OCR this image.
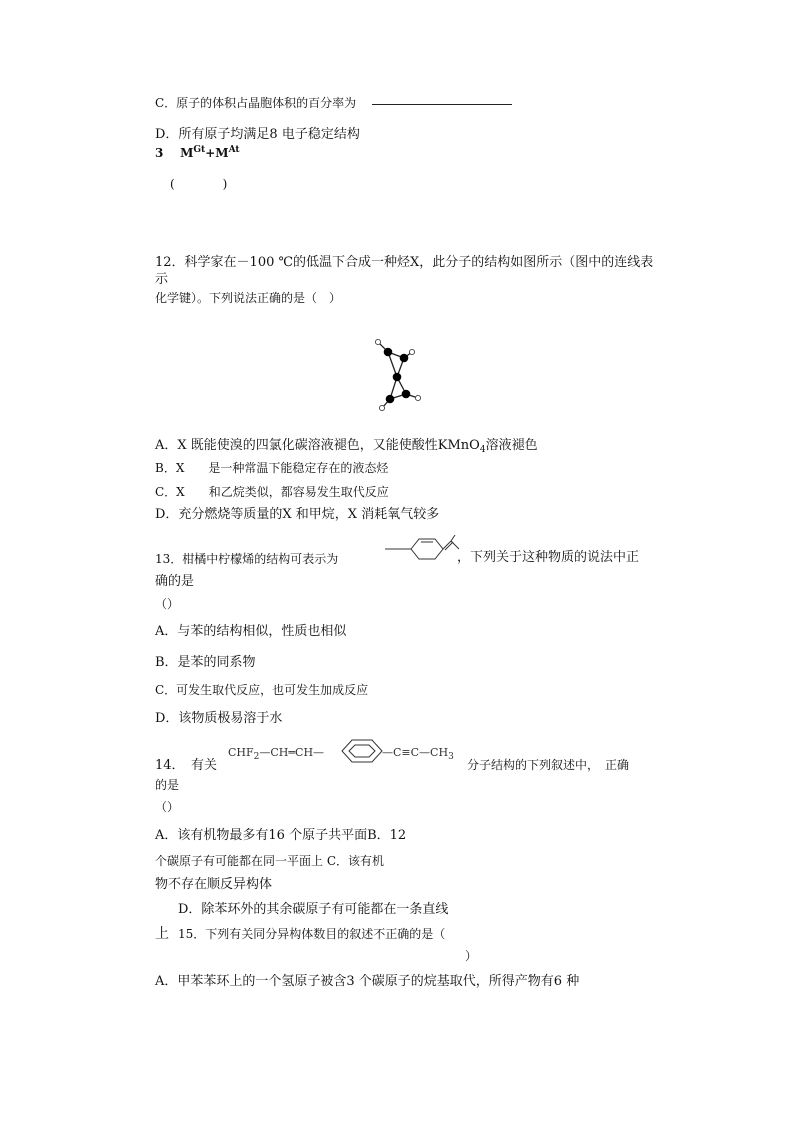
C．原子的体积占晶胞体积的百分率为
D．所有原子均满足8 电子稳定结构
3 $M^{Gt}+M^{At}$
(　　　　)
12．科学家在－100 ℃的低温下合成一种烃X，此分子的结构如图所示（图中的连线表
示
化学键）。下列说法正确的是（　）
A．X 既能使溴的四氯化碳溶液褪色，又能使酸性KMnO$_4$溶液褪色
B．X　　是一种常温下能稳定存在的液态烃
C．X　　和乙烷类似，都容易发生取代反应
D．充分燃烧等质量的X 和甲烷，X 消耗氧气较多
13．柑橘中柠檬烯的结构可表示为	，下列关于这种物质的说法中正
确的是
（）
A．与苯的结构相似，性质也相似
B．是苯的同系物
C．可发生取代反应，也可发生加成反应
D．该物质极易溶于水
14．　有关
$CHF_2—CH═CH—$	$—C\equiv C—CH_3$
分子结构的下列叙述中，　正确
的是
（）
A．该有机物最多有16 个原子共平面B．12
个碳原子有可能都在同一平面上 C．该有机
物不存在顺反异构体
D．除苯环外的其余碳原子有可能都在一条直线
上 15．下列有关同分异构体数目的叙述不正确的是（
）
A．甲苯苯环上的一个氢原子被含3 个碳原子的烷基取代，所得产物有6 种
